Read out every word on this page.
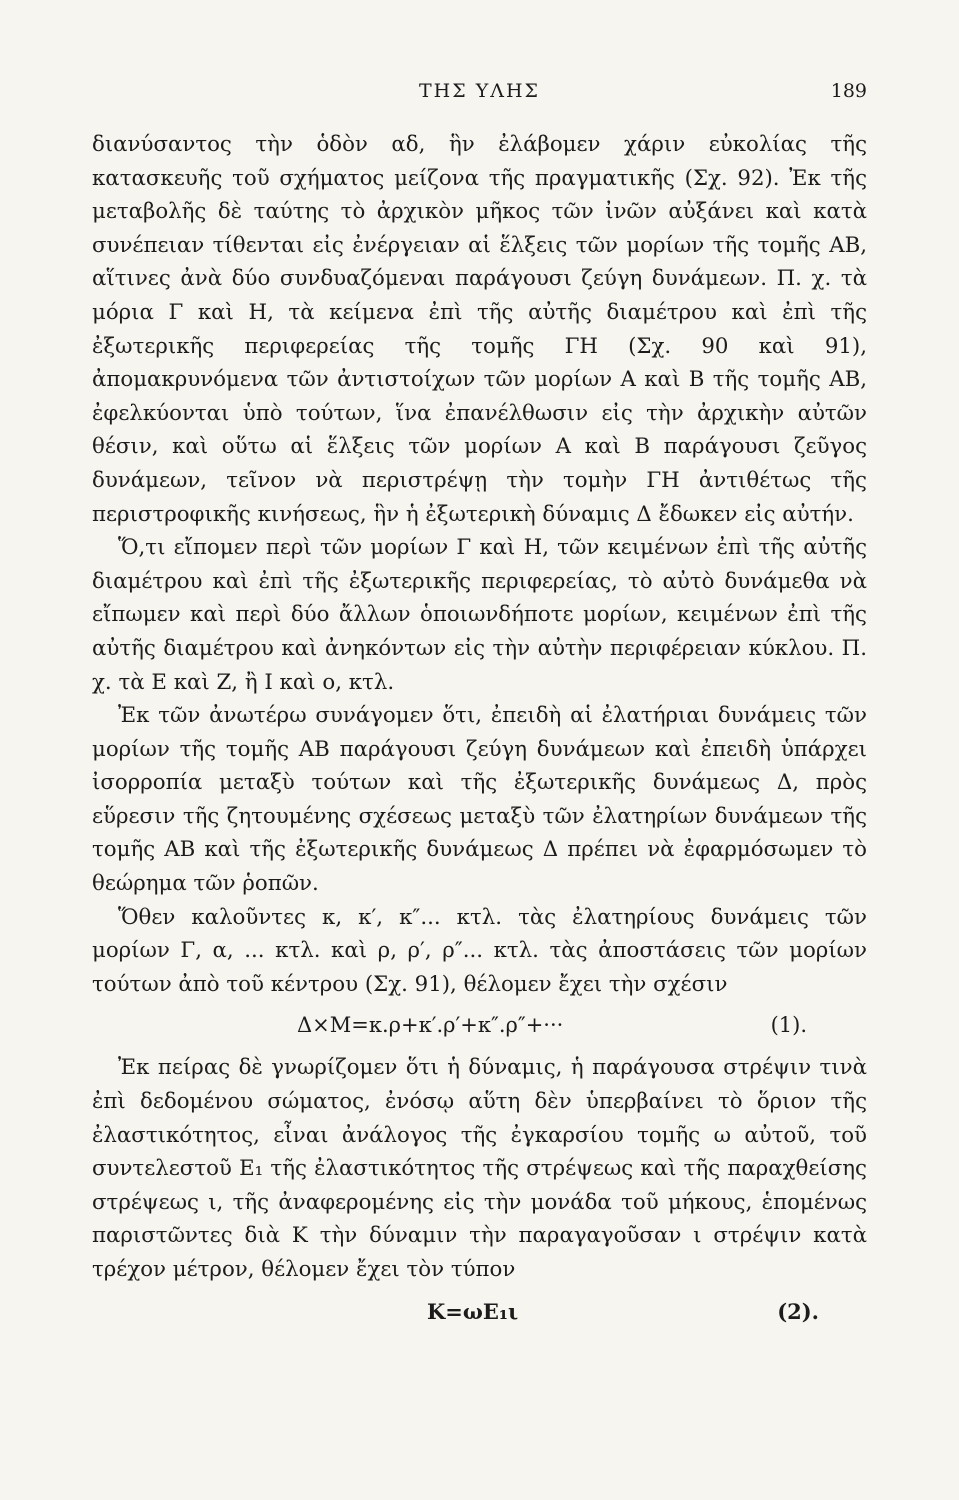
ΤΗΣ ΥΛΗΣ	189

διανύσαντος τὴν ὁδὸν αδ, ἣν ἐλάβομεν χάριν εὐκολίας τῆς κατασκευῆς τοῦ σχήματος μείζονα τῆς πραγματικῆς (Σχ. 92). Ἐκ τῆς μεταβολῆς δὲ ταύτης τὸ ἀρχικὸν μῆκος τῶν ἰνῶν αὐξάνει καὶ κατὰ συνέπειαν τίθενται εἰς ἐνέργειαν αἱ ἕλξεις τῶν μορίων τῆς τομῆς ΑΒ, αἵτινες ἀνὰ δύο συνδυαζόμεναι παράγουσι ζεύγη δυνάμεων. Π. χ. τὰ μόρια Γ καὶ Η, τὰ κείμενα ἐπὶ τῆς αὐτῆς διαμέτρου καὶ ἐπὶ τῆς ἐξωτερικῆς περιφερείας τῆς τομῆς ΓΗ (Σχ. 90 καὶ 91), ἀπομακρυνόμενα τῶν ἀντιστοίχων τῶν μορίων Α καὶ Β τῆς τομῆς ΑΒ, ἐφελκύονται ὑπὸ τούτων, ἵνα ἐπανέλθωσιν εἰς τὴν ἀρχικὴν αὐτῶν θέσιν, καὶ οὕτω αἱ ἕλξεις τῶν μορίων Α καὶ Β παράγουσι ζεῦγος δυνάμεων, τεῖνον νὰ περιστρέψῃ τὴν τομὴν ΓΗ ἀντιθέτως τῆς περιστροφικῆς κινήσεως, ἣν ἡ ἐξωτερικὴ δύναμις Δ ἔδωκεν εἰς αὐτήν.

Ὅ,τι εἴπομεν περὶ τῶν μορίων Γ καὶ Η, τῶν κειμένων ἐπὶ τῆς αὐτῆς διαμέτρου καὶ ἐπὶ τῆς ἐξωτερικῆς περιφερείας, τὸ αὐτὸ δυνάμεθα νὰ εἴπωμεν καὶ περὶ δύο ἄλλων ὁποιωνδήποτε μορίων, κειμένων ἐπὶ τῆς αὐτῆς διαμέτρου καὶ ἀνηκόντων εἰς τὴν αὐτὴν περιφέρειαν κύκλου. Π. χ. τὰ Ε καὶ Ζ, ἢ Ι καὶ ο, κτλ.

Ἐκ τῶν ἀνωτέρω συνάγομεν ὅτι, ἐπειδὴ αἱ ἐλατήριαι δυνάμεις τῶν μορίων τῆς τομῆς ΑΒ παράγουσι ζεύγη δυνάμεων καὶ ἐπειδὴ ὑπάρχει ἰσορροπία μεταξὺ τούτων καὶ τῆς ἐξωτερικῆς δυνάμεως Δ, πρὸς εὕρεσιν τῆς ζητουμένης σχέσεως μεταξὺ τῶν ἐλατηρίων δυνάμεων τῆς τομῆς ΑΒ καὶ τῆς ἐξωτερικῆς δυνάμεως Δ πρέπει νὰ ἐφαρμόσωμεν τὸ θεώρημα τῶν ῥοπῶν.

Ὅθεν καλοῦντες κ, κ′, κ″... κτλ. τὰς ἐλατηρίους δυνάμεις τῶν μορίων Γ, α, ... κτλ. καὶ ρ, ρ′, ρ″... κτλ. τὰς ἀποστάσεις τῶν μορίων τούτων ἀπὸ τοῦ κέντρου (Σχ. 91), θέλομεν ἔχει τὴν σχέσιν

Δ×Μ=κ.ρ+κ′.ρ′+κ″.ρ″+···	(1).

Ἐκ πείρας δὲ γνωρίζομεν ὅτι ἡ δύναμις, ἡ παράγουσα στρέψιν τινὰ ἐπὶ δεδομένου σώματος, ἐνόσῳ αὕτη δὲν ὑπερβαίνει τὸ ὅριον τῆς ἐλαστικότητος, εἶναι ἀνάλογος τῆς ἐγκαρσίου τομῆς ω αὐτοῦ, τοῦ συντελεστοῦ Ε₁ τῆς ἐλαστικότητος τῆς στρέψεως καὶ τῆς παραχθείσης στρέψεως ι, τῆς ἀναφερομένης εἰς τὴν μονάδα τοῦ μήκους, ἑπομένως παριστῶντες διὰ Κ τὴν δύναμιν τὴν παραγαγοῦσαν ι στρέψιν κατὰ τρέχον μέτρον, θέλομεν ἔχει τὸν τύπον

Κ=ωΕ₁ι	(2).
